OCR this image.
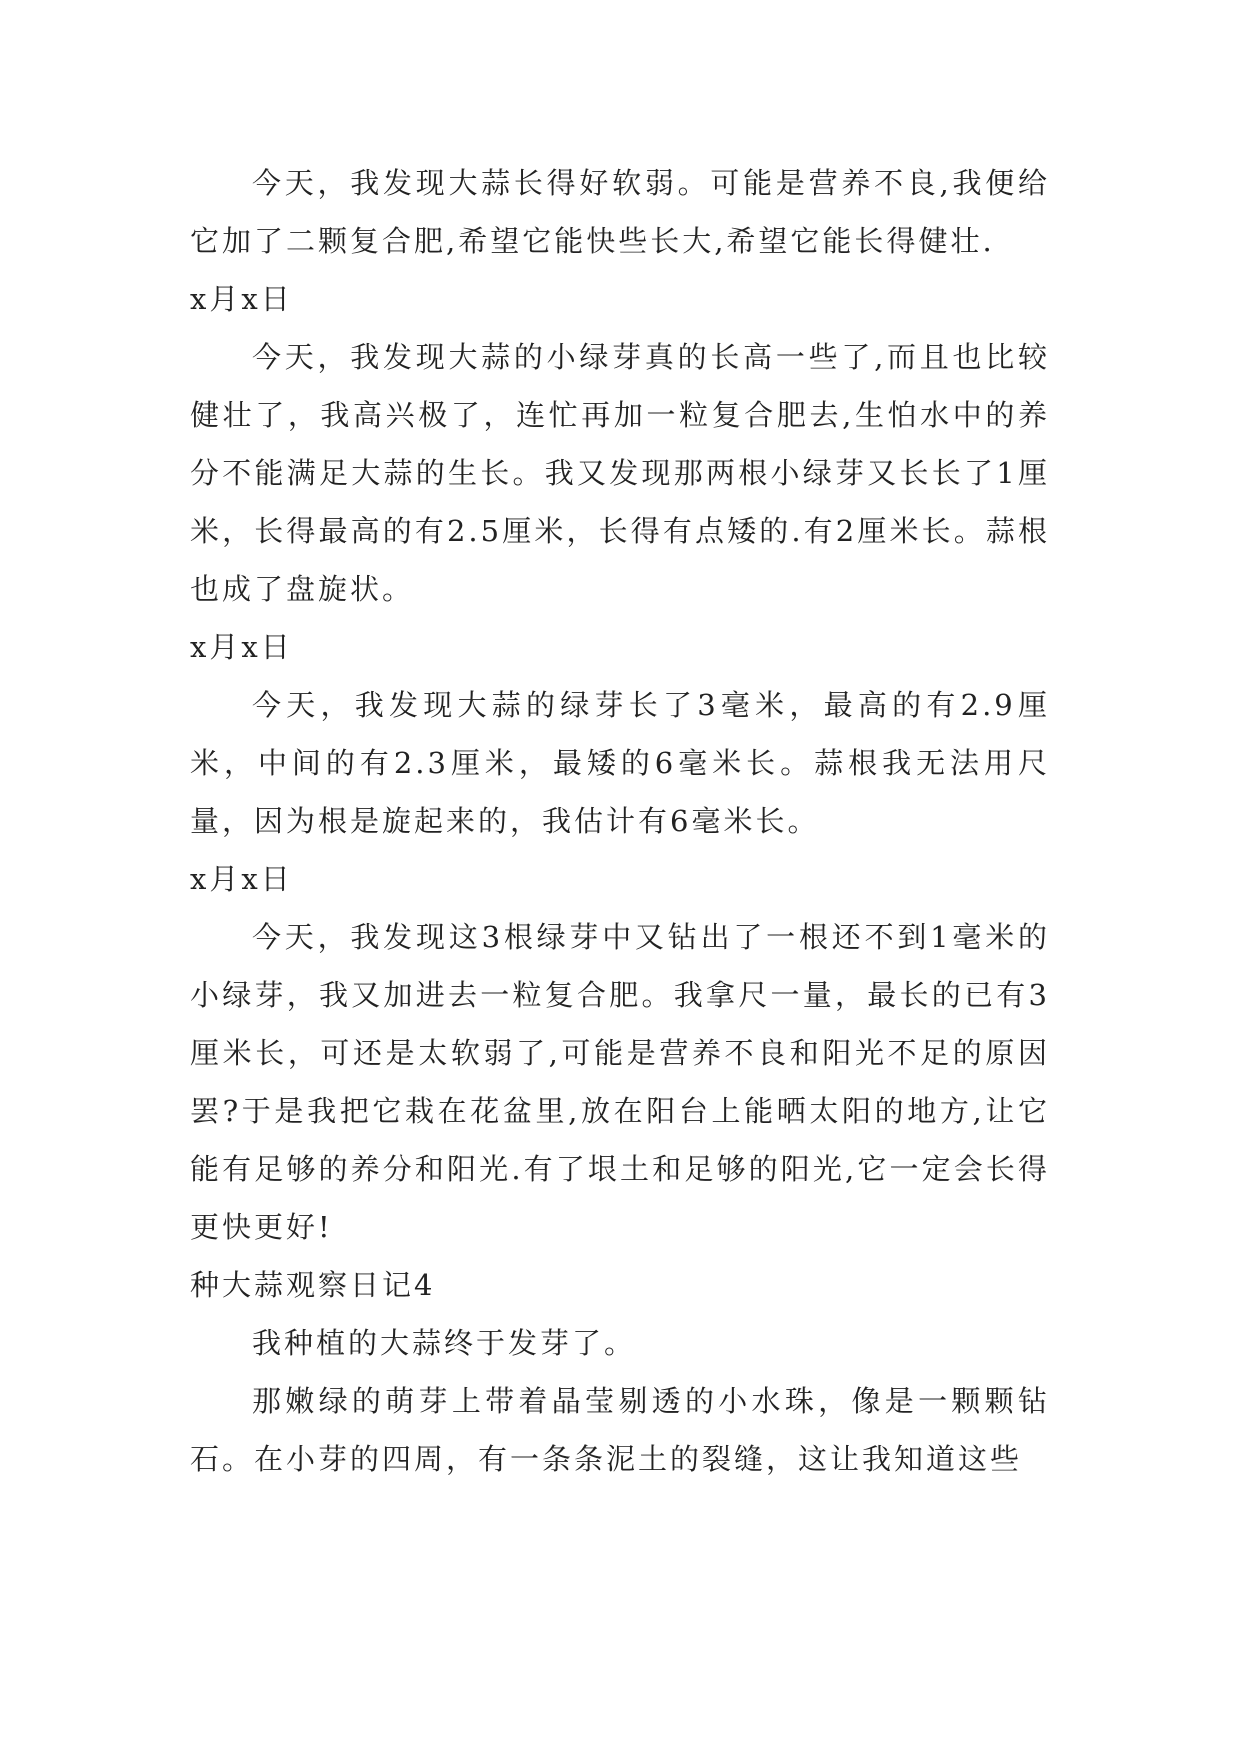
今天，我发现大蒜长得好软弱。可能是营养不良,我便给它加了二颗复合肥,希望它能快些长大,希望它能长得健壮.

x月x日

今天，我发现大蒜的小绿芽真的长高一些了,而且也比较健壮了，我高兴极了，连忙再加一粒复合肥去,生怕水中的养分不能满足大蒜的生长。我又发现那两根小绿芽又长长了1厘米，长得最高的有2.5厘米，长得有点矮的.有2厘米长。蒜根也成了盘旋状。

x月x日

今天，我发现大蒜的绿芽长了3毫米，最高的有2.9厘米，中间的有2.3厘米，最矮的6毫米长。蒜根我无法用尺量，因为根是旋起来的，我估计有6毫米长。

x月x日

今天，我发现这3根绿芽中又钻出了一根还不到1毫米的小绿芽，我又加进去一粒复合肥。我拿尺一量，最长的已有3厘米长，可还是太软弱了,可能是营养不良和阳光不足的原因罢?于是我把它栽在花盆里,放在阳台上能晒太阳的地方,让它能有足够的养分和阳光.有了垠土和足够的阳光,它一定会长得更快更好!

种大蒜观察日记4

我种植的大蒜终于发芽了。

那嫩绿的萌芽上带着晶莹剔透的小水珠，像是一颗颗钻石。在小芽的四周，有一条条泥土的裂缝，这让我知道这些
